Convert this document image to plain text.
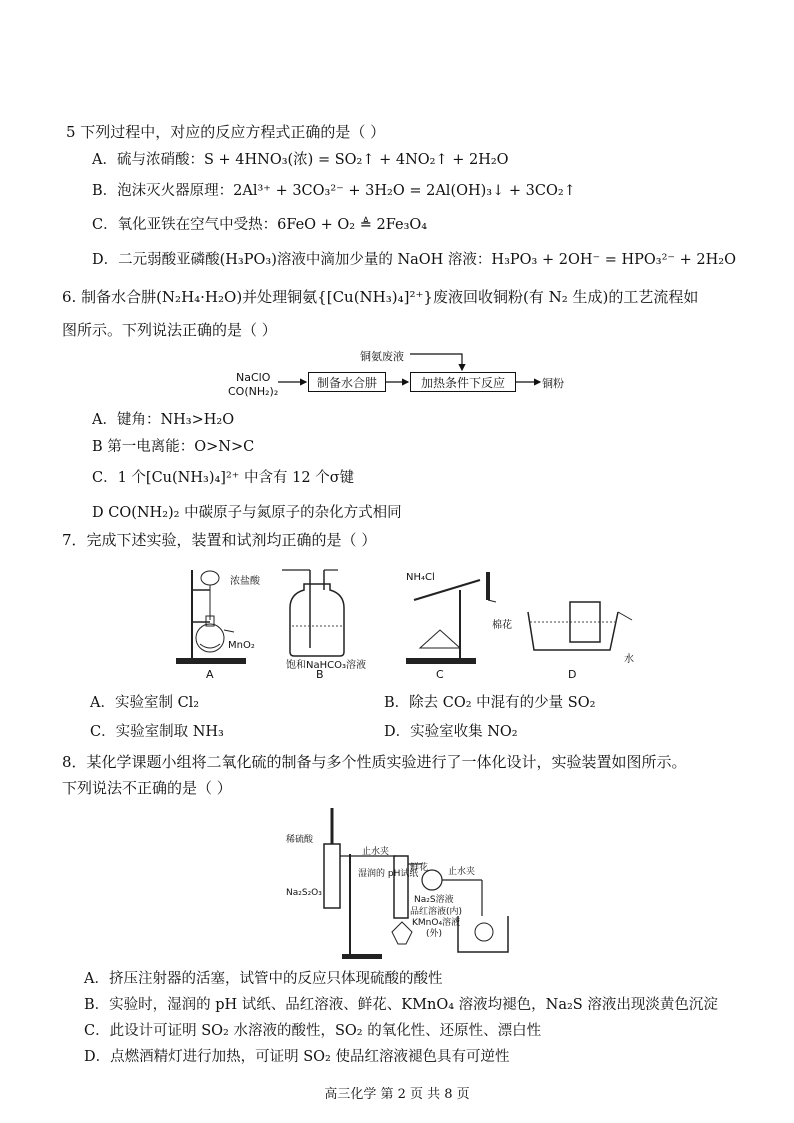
5 下列过程中，对应的反应方程式正确的是（ ）
A．硫与浓硝酸：S + 4HNO₃(浓) = SO₂↑ + 4NO₂↑ + 2H₂O
B．泡沫灭火器原理：2Al³⁺ + 3CO₃²⁻ + 3H₂O = 2Al(OH)₃↓ + 3CO₂↑
C．氧化亚铁在空气中受热：6FeO + O₂ ≜ 2Fe₃O₄
D．二元弱酸亚磷酸(H₃PO₃)溶液中滴加少量的 NaOH 溶液：H₃PO₃ + 2OH⁻ = HPO₃²⁻ + 2H₂O
6. 制备水合肼(N₂H₄·H₂O)并处理铜氨{[Cu(NH₃)₄]²⁺}废液回收铜粉(有 N₂ 生成)的工艺流程如
图所示。下列说法正确的是（ ）
NaClO
CO(NH₂)₂
铜氨废液
制备水合肼	加热条件下反应	铜粉
A．键角：NH₃>H₂O
B 第一电离能：O>N>C
C．1 个[Cu(NH₃)₄]²⁺ 中含有 12 个σ键
D CO(NH₂)₂ 中碳原子与氮原子的杂化方式相同
7．完成下述实验，装置和试剂均正确的是（ ）
浓盐酸
MnO₂
A
饱和NaHCO₃溶液
B
NH₄Cl
棉花
C
水
D
A．实验室制 Cl₂	B．除去 CO₂ 中混有的少量 SO₂
C．实验室制取 NH₃	D．实验室收集 NO₂
8．某化学课题小组将二氧化硫的制备与多个性质实验进行了一体化设计，实验装置如图所示。
下列说法不正确的是（ ）
稀硫酸
止水夹
Na₂S₂O₃
湿润的 pH试纸
鲜花 止水夹
Na₂S溶液
品红溶液(内)
KMnO₄溶液
(外)
A．挤压注射器的活塞，试管中的反应只体现硫酸的酸性
B．实验时，湿润的 pH 试纸、品红溶液、鲜花、KMnO₄ 溶液均褪色，Na₂S 溶液出现淡黄色沉淀
C．此设计可证明 SO₂ 水溶液的酸性，SO₂ 的氧化性、还原性、漂白性
D．点燃酒精灯进行加热，可证明 SO₂ 使品红溶液褪色具有可逆性
高三化学 第 2 页 共 8 页
